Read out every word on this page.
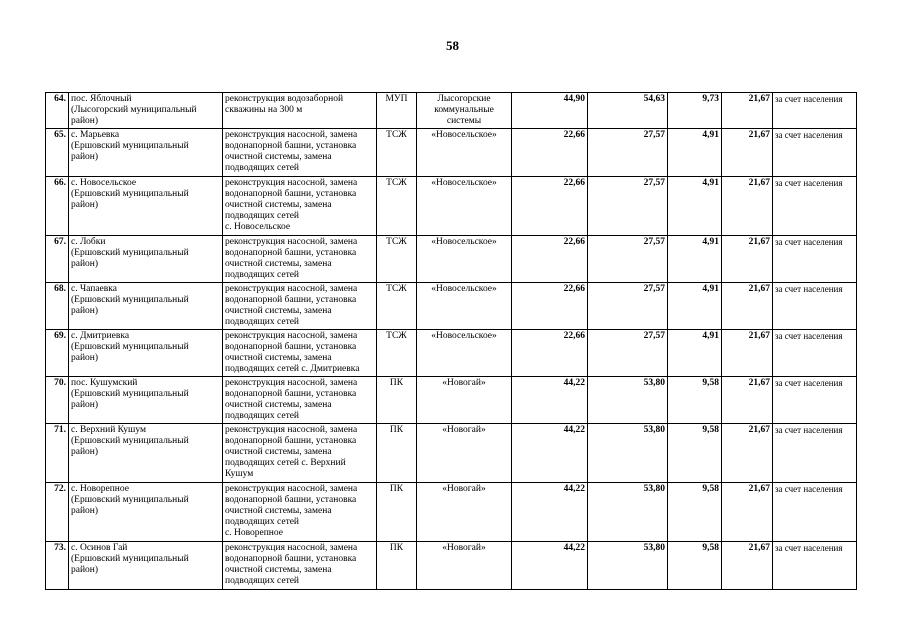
58
64.	пос. Яблочный
(Лысогорский муниципальный
район)	реконструкция водозаборной
скважины на 300 м	МУП	Лысогорские
коммунальные
системы	44,90	54,63	9,73	21,67	за счет населения
65.	с. Марьевка
(Ершовский муниципальный
район)	реконструкция насосной, замена
водонапорной башни, установка
очистной системы, замена
подводящих сетей	ТСЖ	«Новосельское»	22,66	27,57	4,91	21,67	за счет населения
66.	с. Новосельское
(Ершовский муниципальный
район)	реконструкция насосной, замена
водонапорной башни, установка
очистной системы, замена
подводящих сетей
с. Новосельское	ТСЖ	«Новосельское»	22,66	27,57	4,91	21,67	за счет населения
67.	с. Лобки
(Ершовский муниципальный
район)	реконструкция насосной, замена
водонапорной башни, установка
очистной системы, замена
подводящих сетей	ТСЖ	«Новосельское»	22,66	27,57	4,91	21,67	за счет населения
68.	с. Чапаевка
(Ершовский муниципальный
район)	реконструкция насосной, замена
водонапорной башни, установка
очистной системы, замена
подводящих сетей	ТСЖ	«Новосельское»	22,66	27,57	4,91	21,67	за счет населения
69.	с. Дмитриевка
(Ершовский муниципальный
район)	реконструкция насосной, замена
водонапорной башни, установка
очистной системы, замена
подводящих сетей с. Дмитриевка	ТСЖ	«Новосельское»	22,66	27,57	4,91	21,67	за счет населения
70.	пос. Кушумский
(Ершовский муниципальный
район)	реконструкция насосной, замена
водонапорной башни, установка
очистной системы, замена
подводящих сетей	ПК	«Новогай»	44,22	53,80	9,58	21,67	за счет населения
71.	с. Верхний Кушум
(Ершовский муниципальный
район)	реконструкция насосной, замена
водонапорной башни, установка
очистной системы, замена
подводящих сетей с. Верхний
Кушум	ПК	«Новогай»	44,22	53,80	9,58	21,67	за счет населения
72.	с. Новорепное
(Ершовский муниципальный
район)	реконструкция насосной, замена
водонапорной башни, установка
очистной системы, замена
подводящих сетей
с. Новорепное	ПК	«Новогай»	44,22	53,80	9,58	21,67	за счет населения
73.	с. Осинов Гай
(Ершовский муниципальный
район)	реконструкция насосной, замена
водонапорной башни, установка
очистной системы, замена
подводящих сетей	ПК	«Новогай»	44,22	53,80	9,58	21,67	за счет населения
